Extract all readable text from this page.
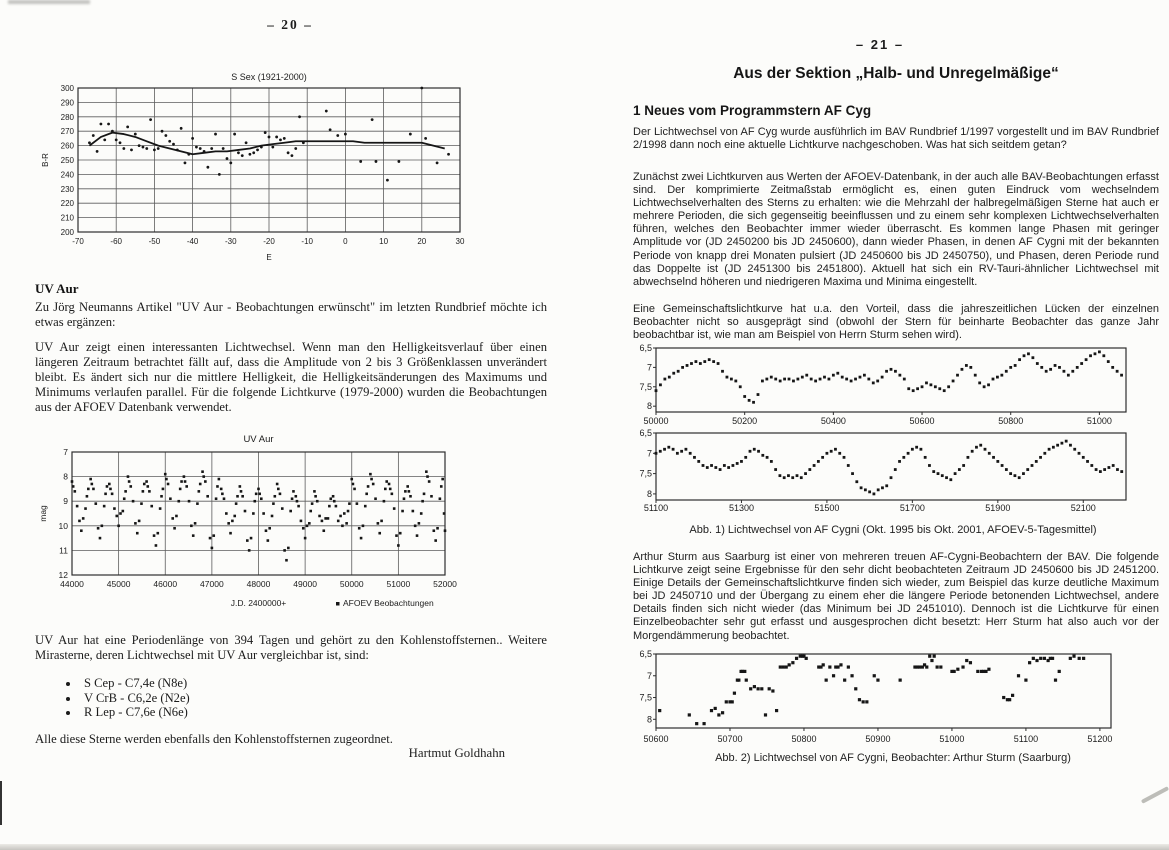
– 20 –
-70	-60	-50	-40	-30	-20	-10	0	10	20	30
200
210
220
230
240
250
260
270
280
290
300
S Sex (1921-2000)
E
B-R
UV Aur
Zu Jörg Neumanns Artikel "UV Aur - Beobachtungen erwünscht" im letzten Rundbrief möchte ich etwas ergänzen:
UV Aur zeigt einen interessanten Lichtwechsel. Wenn man den Helligkeitsverlauf über einen längeren Zeitraum betrachtet fällt auf, dass die Amplitude von 2 bis 3 Größenklassen unverändert bleibt. Es ändert sich nur die mittlere Helligkeit, die Helligkeitsänderungen des Maximums und Minimums verlaufen parallel. Für die folgende Lichtkurve (1979-2000) wurden die Beobachtungen aus der AFOEV Datenbank verwendet.
44000	45000	46000	47000	48000	49000	50000	51000	52000
7
8
9
10
11
12
UV Aur
J.D. 2400000+
mag
AFOEV Beobachtungen
UV Aur hat eine Periodenlänge von 394 Tagen und gehört zu den Kohlenstoffsternen.. Weitere Mirasterne, deren Lichtwechsel mit UV Aur vergleichbar ist, sind:
• S Cep - C7,4e (N8e)
• V CrB - C6,2e (N2e)
• R Lep - C7,6e (N6e)
Alle diese Sterne werden ebenfalls den Kohlenstoffsternen zugeordnet.
Hartmut Goldhahn
– 21 –
Aus der Sektion „Halb- und Unregelmäßige“
1 Neues vom Programmstern AF Cyg
Der Lichtwechsel von AF Cyg wurde ausführlich im BAV Rundbrief 1/1997 vorgestellt und im BAV Rundbrief 2/1998 dann noch eine aktuelle Lichtkurve nachgeschoben. Was hat sich seitdem getan?
Zunächst zwei Lichtkurven aus Werten der AFOEV-Datenbank, in der auch alle BAV-Beobachtungen erfasst sind. Der komprimierte Zeitmaßstab ermöglicht es, einen guten Eindruck vom wechselndem Lichtwechselverhalten des Sterns zu erhalten: wie die Mehrzahl der halbregelmäßigen Sterne hat auch er mehrere Perioden, die sich gegenseitig beeinflussen und zu einem sehr komplexen Lichtwechselverhalten führen, welches den Beobachter immer wieder überrascht. Es kommen lange Phasen mit geringer Amplitude vor (JD 2450200 bis JD 2450600), dann wieder Phasen, in denen AF Cygni mit der bekannten Periode von knapp drei Monaten pulsiert (JD 2450600 bis JD 2450750), und Phasen, deren Periode rund das Doppelte ist (JD 2451300 bis 2451800). Aktuell hat sich ein RV-Tauri-ähnlicher Lichtwechsel mit abwechselnd höheren und niedrigeren Maxima und Minima eingestellt.
Eine Gemeinschaftslichtkurve hat u.a. den Vorteil, dass die jahreszeitlichen Lücken der einzelnen Beobachter nicht so ausgeprägt sind (obwohl der Stern für beinharte Beobachter das ganze Jahr beobachtbar ist, wie man am Beispiel von Herrn Sturm sehen wird).
50000	50200	50400	50600	50800	51000
6,5
7
7,5
8
51100	51300	51500	51700	51900	52100
6,5
7
7,5
8
Abb. 1) Lichtwechsel von AF Cygni (Okt. 1995 bis Okt. 2001, AFOEV-5-Tagesmittel)
Arthur Sturm aus Saarburg ist einer von mehreren treuen AF-Cygni-Beobachtern der BAV. Die folgende Lichtkurve zeigt seine Ergebnisse für den sehr dicht beobachteten Zeitraum JD 2450600 bis JD 2451200. Einige Details der Gemeinschaftslichtkurve finden sich wieder, zum Beispiel das kurze deutliche Maximum bei JD 2450710 und der Übergang zu einem eher die längere Periode betonenden Lichtwechsel, andere Details finden sich nicht wieder (das Minimum bei JD 2451010). Dennoch ist die Lichtkurve für einen Einzelbeobachter sehr gut erfasst und ausgesprochen dicht besetzt: Herr Sturm hat also auch vor der Morgendämmerung beobachtet.
50600	50700	50800	50900	51000	51100	51200
6,5
7
7,5
8
Abb. 2) Lichtwechsel von AF Cygni, Beobachter: Arthur Sturm (Saarburg)
